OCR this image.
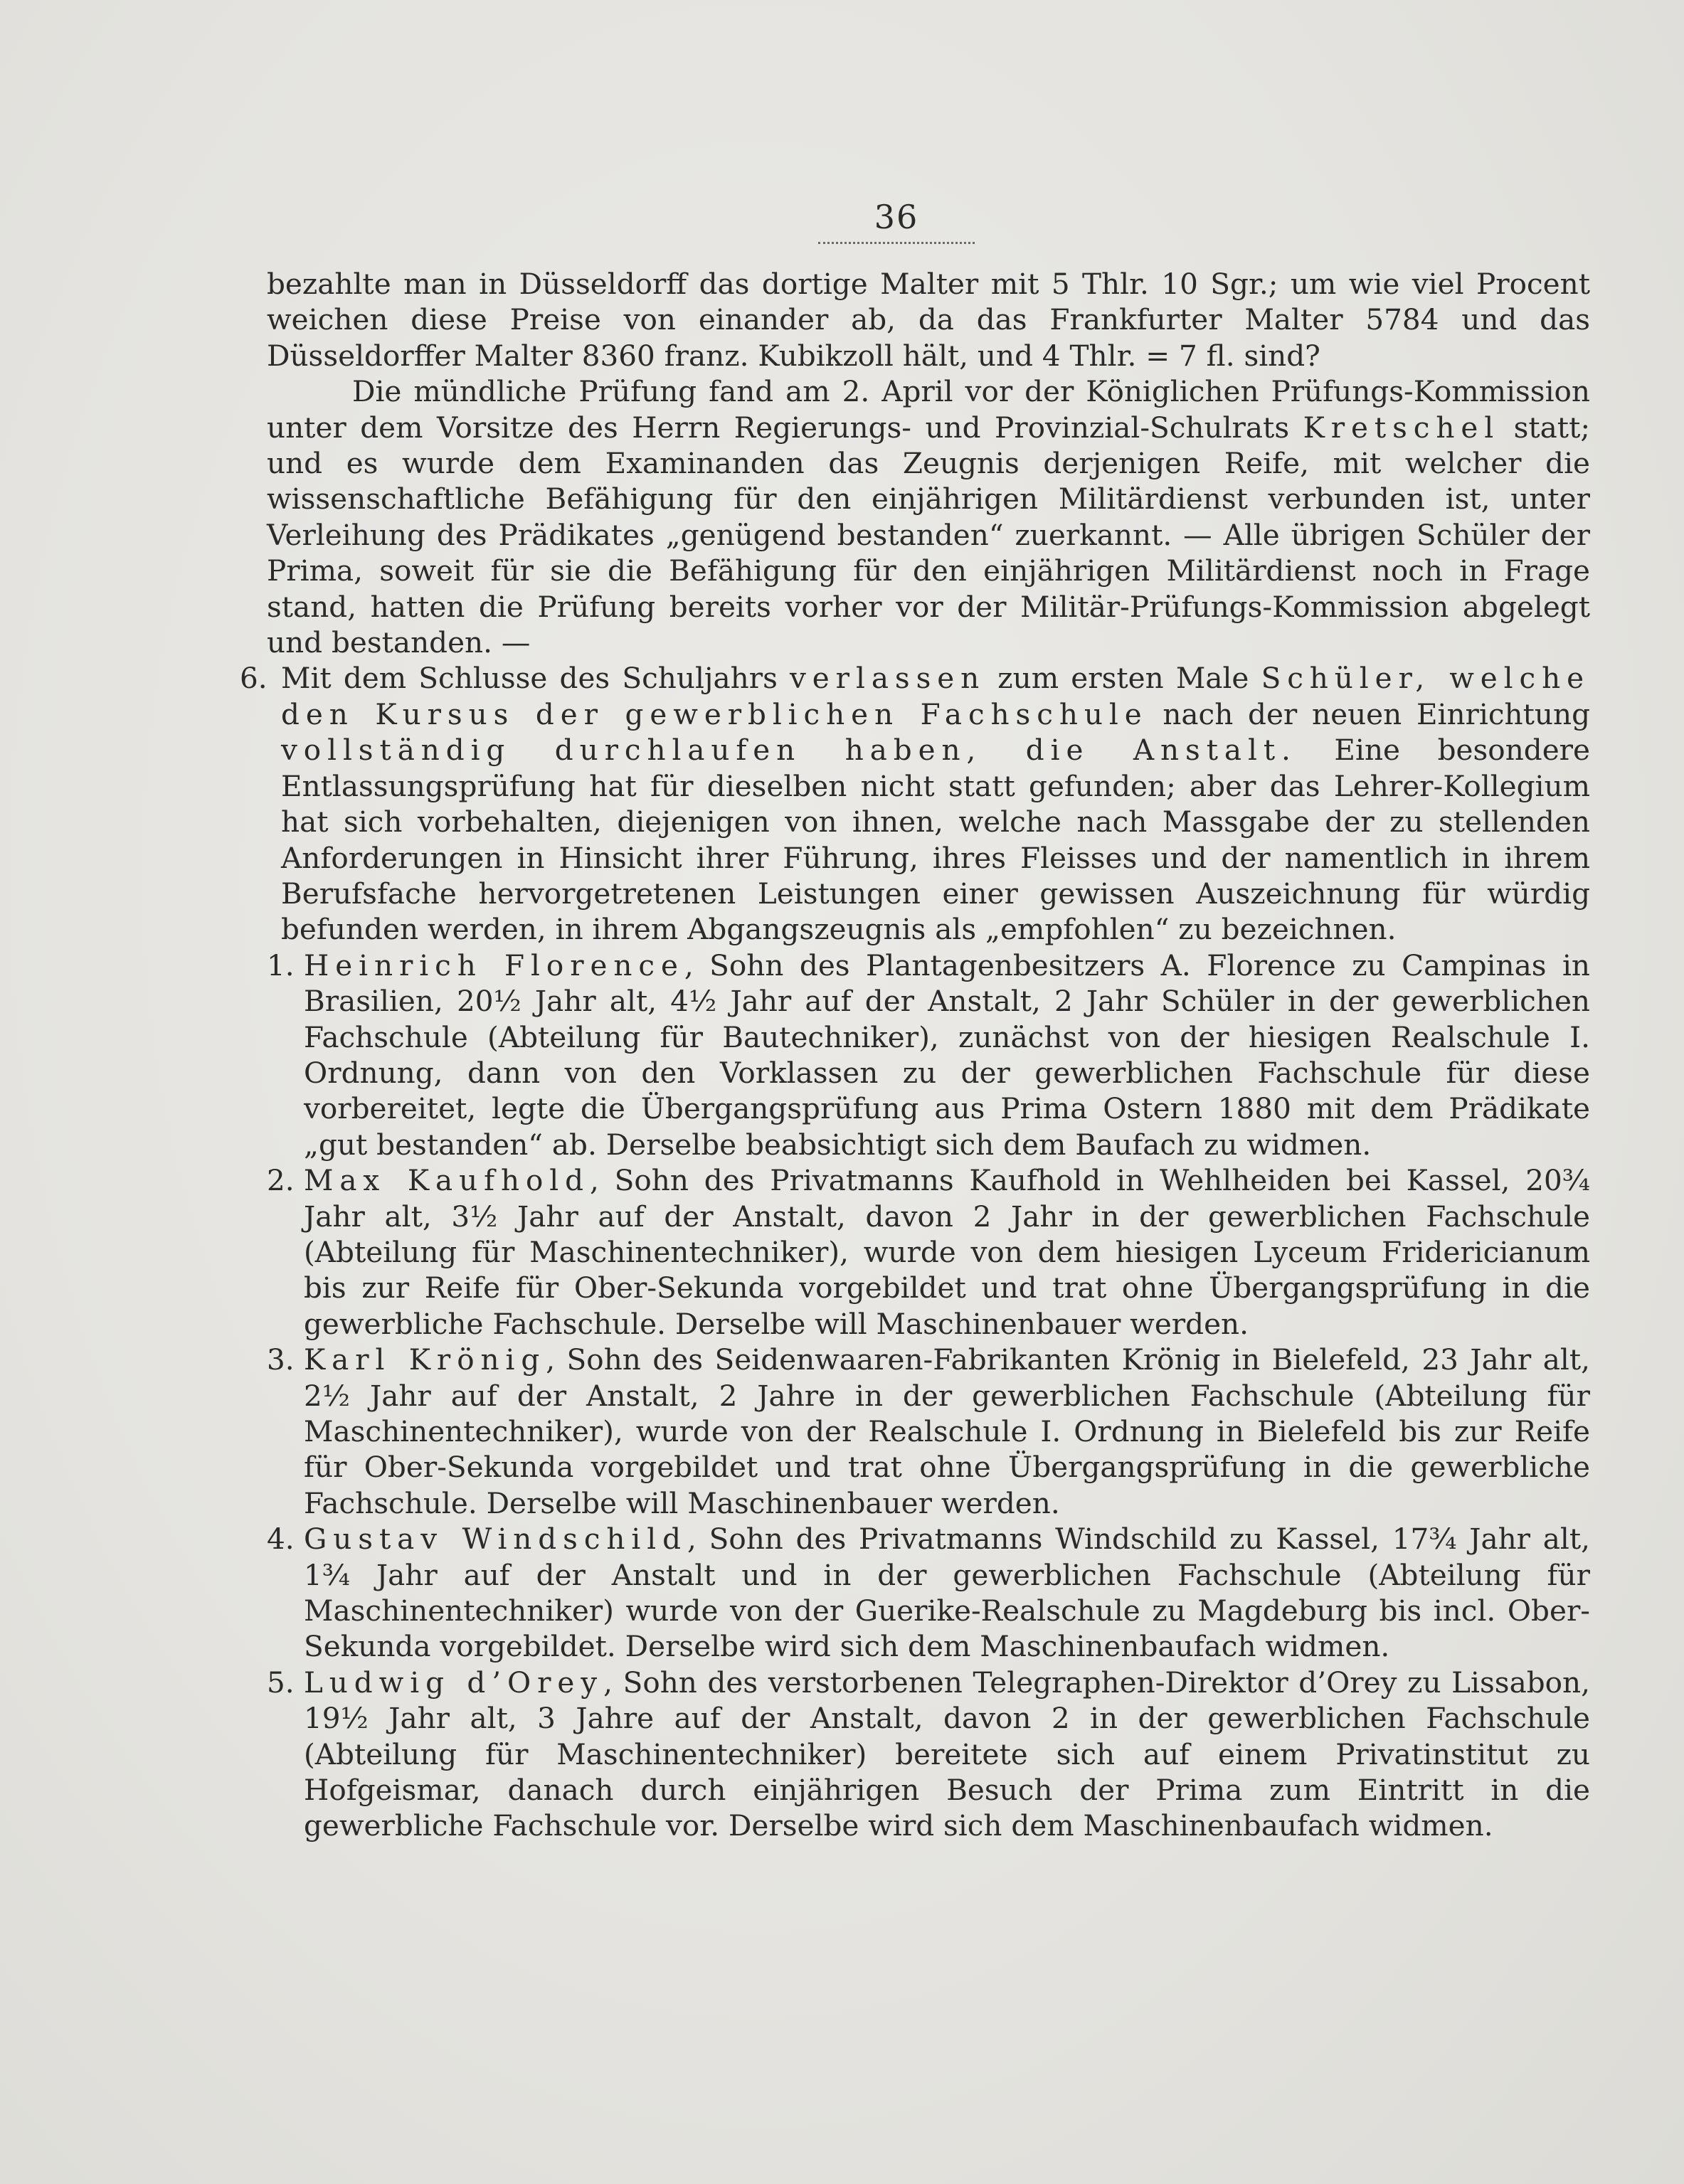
36

bezahlte man in Düsseldorff das dortige Malter mit 5 Thlr. 10 Sgr.; um wie viel Procent weichen diese Preise von einander ab, da das Frankfurter Malter 5784 und das Düsseldorffer Malter 8360 franz. Kubikzoll hält, und 4 Thlr. = 7 fl. sind?

Die mündliche Prüfung fand am 2. April vor der Königlichen Prüfungs-Kommission unter dem Vorsitze des Herrn Regierungs- und Provinzial-Schulrats Kretschel statt; und es wurde dem Examinanden das Zeugnis derjenigen Reife, mit welcher die wissenschaftliche Befähigung für den einjährigen Militärdienst verbunden ist, unter Verleihung des Prädikates „genügend bestanden“ zuerkannt. — Alle übrigen Schüler der Prima, soweit für sie die Befähigung für den einjährigen Militärdienst noch in Frage stand, hatten die Prüfung bereits vorher vor der Militär-Prüfungs-Kommission abgelegt und bestanden. —

6. Mit dem Schlusse des Schuljahrs verlassen zum ersten Male Schüler, welche den Kursus der gewerblichen Fachschule nach der neuen Einrichtung vollständig durchlaufen haben, die Anstalt. Eine besondere Entlassungsprüfung hat für dieselben nicht statt gefunden; aber das Lehrer-Kollegium hat sich vorbehalten, diejenigen von ihnen, welche nach Massgabe der zu stellenden Anforderungen in Hinsicht ihrer Führung, ihres Fleisses und der namentlich in ihrem Berufsfache hervorgetretenen Leistungen einer gewissen Auszeichnung für würdig befunden werden, in ihrem Abgangszeugnis als „empfohlen“ zu bezeichnen.

1. Heinrich Florence, Sohn des Plantagenbesitzers A. Florence zu Campinas in Brasilien, 20½ Jahr alt, 4½ Jahr auf der Anstalt, 2 Jahr Schüler in der gewerblichen Fachschule (Abteilung für Bautechniker), zunächst von der hiesigen Realschule I. Ordnung, dann von den Vorklassen zu der gewerblichen Fachschule für diese vorbereitet, legte die Übergangsprüfung aus Prima Ostern 1880 mit dem Prädikate „gut bestanden“ ab. Derselbe beabsichtigt sich dem Baufach zu widmen.

2. Max Kaufhold, Sohn des Privatmanns Kaufhold in Wehlheiden bei Kassel, 20¾ Jahr alt, 3½ Jahr auf der Anstalt, davon 2 Jahr in der gewerblichen Fachschule (Abteilung für Maschinentechniker), wurde von dem hiesigen Lyceum Fridericianum bis zur Reife für Ober-Sekunda vorgebildet und trat ohne Übergangsprüfung in die gewerbliche Fachschule. Derselbe will Maschinenbauer werden.

3. Karl Krönig, Sohn des Seidenwaaren-Fabrikanten Krönig in Bielefeld, 23 Jahr alt, 2½ Jahr auf der Anstalt, 2 Jahre in der gewerblichen Fachschule (Abteilung für Maschinentechniker), wurde von der Realschule I. Ordnung in Bielefeld bis zur Reife für Ober-Sekunda vorgebildet und trat ohne Übergangsprüfung in die gewerbliche Fachschule. Derselbe will Maschinenbauer werden.

4. Gustav Windschild, Sohn des Privatmanns Windschild zu Kassel, 17¾ Jahr alt, 1¾ Jahr auf der Anstalt und in der gewerblichen Fachschule (Abteilung für Maschinentechniker) wurde von der Guerike-Realschule zu Magdeburg bis incl. Ober-Sekunda vorgebildet. Derselbe wird sich dem Maschinenbaufach widmen.

5. Ludwig d’Orey, Sohn des verstorbenen Telegraphen-Direktor d’Orey zu Lissabon, 19½ Jahr alt, 3 Jahre auf der Anstalt, davon 2 in der gewerblichen Fachschule (Abteilung für Maschinentechniker) bereitete sich auf einem Privatinstitut zu Hofgeismar, danach durch einjährigen Besuch der Prima zum Eintritt in die gewerbliche Fachschule vor. Derselbe wird sich dem Maschinenbaufach widmen.
